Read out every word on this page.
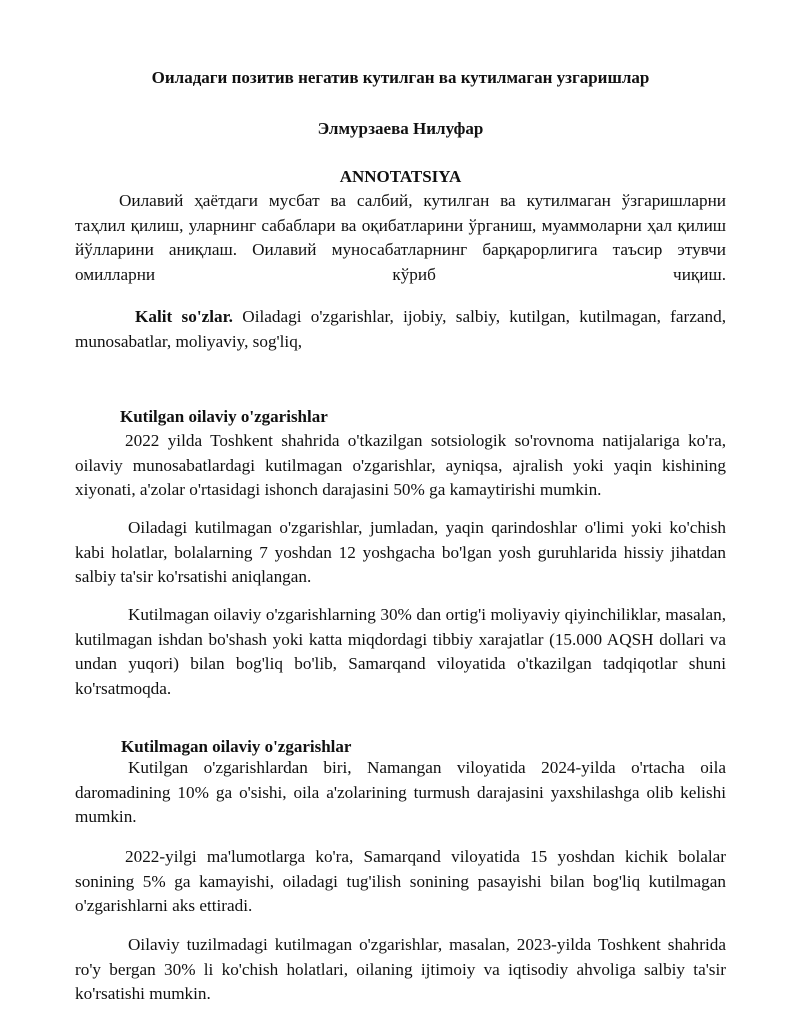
Оиладаги позитив негатив кутилган ва кутилмаган узгаришлар
Элмурзаева Нилуфар
ANNOTATSIYA

Оилавий ҳаётдаги мусбат ва салбий, кутилган ва кутилмаган ўзгаришларни таҳлил қилиш, уларнинг сабаблари ва оқибатларини ўрганиш, муаммоларни ҳал қилиш йўлларини аниқлаш. Оилавий муносабатларнинг барқарорлигига таъсир этувчи омилларни кўриб чиқиш.

Kalit so'zlar. Oiladagi o'zgarishlar, ijobiy, salbiy, kutilgan, kutilmagan, farzand, munosabatlar, moliyaviy, sog'liq,

Kutilgan oilaviy o'zgarishlar

2022 yilda Toshkent shahrida o'tkazilgan sotsiologik so'rovnoma natijalariga ko'ra, oilaviy munosabatlardagi kutilmagan o'zgarishlar, ayniqsa, ajralish yoki yaqin kishining xiyonati, a'zolar o'rtasidagi ishonch darajasini 50% ga kamaytirishi mumkin.

Oiladagi kutilmagan o'zgarishlar, jumladan, yaqin qarindoshlar o'limi yoki ko'chish kabi holatlar, bolalarning 7 yoshdan 12 yoshgacha bo'lgan yosh guruhlarida hissiy jihatdan salbiy ta'sir ko'rsatishi aniqlangan.

Kutilmagan oilaviy o'zgarishlarning 30% dan ortig'i moliyaviy qiyinchiliklar, masalan, kutilmagan ishdan bo'shash yoki katta miqdordagi tibbiy xarajatlar (15.000 AQSH dollari va undan yuqori) bilan bog'liq bo'lib, Samarqand viloyatida o'tkazilgan tadqiqotlar shuni ko'rsatmoqda.

Kutilmagan oilaviy o'zgarishlar

Kutilgan o'zgarishlardan biri, Namangan viloyatida 2024-yilda o'rtacha oila daromadining 10% ga o'sishi, oila a'zolarining turmush darajasini yaxshilashga olib kelishi mumkin.

2022-yilgi ma'lumotlarga ko'ra, Samarqand viloyatida 15 yoshdan kichik bolalar sonining 5% ga kamayishi, oiladagi tug'ilish sonining pasayishi bilan bog'liq kutilmagan o'zgarishlarni aks ettiradi.

Oilaviy tuzilmadagi kutilmagan o'zgarishlar, masalan, 2023-yilda Toshkent shahrida ro'y bergan 30% li ko'chish holatlari, oilaning ijtimoiy va iqtisodiy ahvoliga salbiy ta'sir ko'rsatishi mumkin.
